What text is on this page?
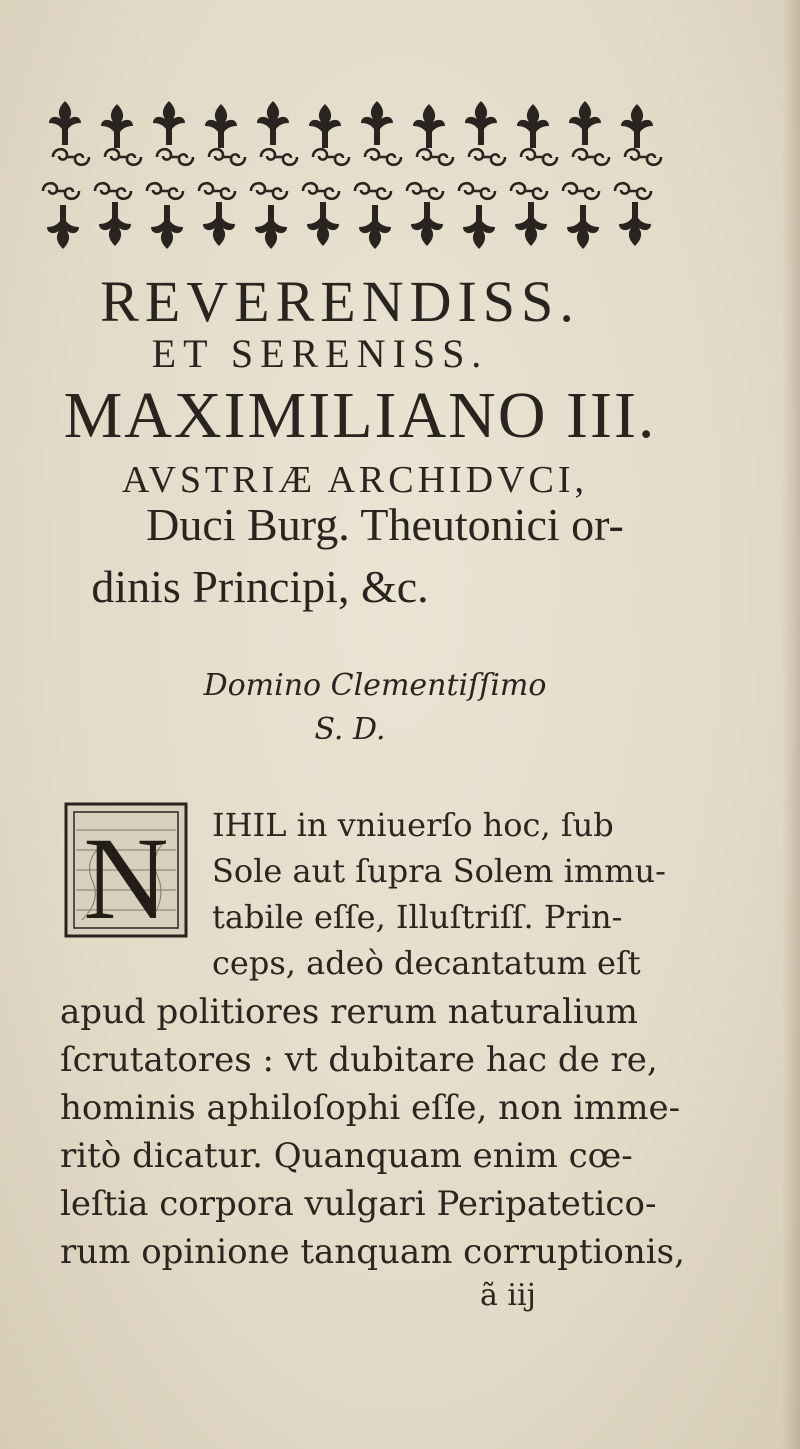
REVERENDISS.
ET SERENISS.
MAXIMILIANO III.
AVSTRIÆ ARCHIDVCI,
Duci Burg. Theutonici or-
dinis Principi, &c.
Domino Clementiſſimo
S. D.
N IHIL in vniuerſo hoc, ſub
Sole aut ſupra Solem immu-
tabile eſſe, Illuſtriſſ. Prin-
ceps, adeò decantatum eſt
apud politiores rerum naturalium
ſcrutatores : vt dubitare hac de re,
hominis aphiloſophi eſſe, non imme-
ritò dicatur. Quanquam enim cœ-
leſtia corpora vulgari Peripatetico-
rum opinione tanquam corruptionis,
ã iij
